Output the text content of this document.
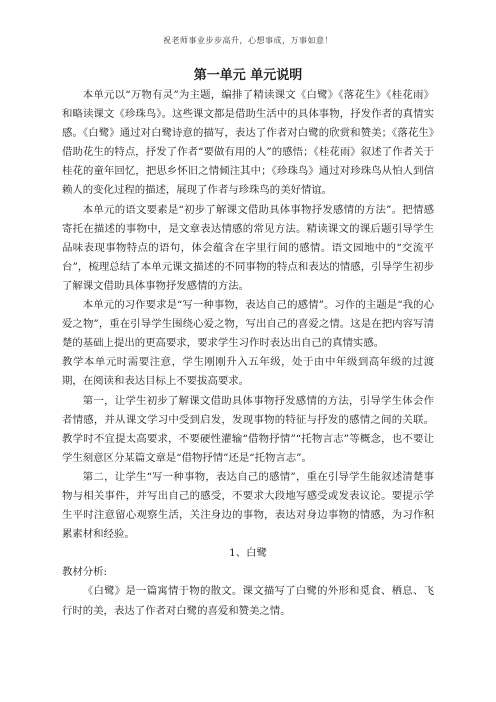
祝老师事业步步高升，心想事成，万事如意！
第一单元 单元说明

本单元以“万物有灵”为主题，编排了精读课文《白鹭》《落花生》《桂花雨》和略读课文《珍珠鸟》。这些课文都是借助生活中的具体事物，抒发作者的真情实感。《白鹭》通过对白鹭诗意的描写，表达了作者对白鹭的欣赏和赞美；《落花生》借助花生的特点，抒发了作者“要做有用的人”的感悟；《桂花雨》叙述了作者关于桂花的童年回忆，把思乡怀旧之情倾注其中；《珍珠鸟》通过对珍珠鸟从怕人到信赖人的变化过程的描述，展现了作者与珍珠鸟的美好情谊。

本单元的语文要素是“初步了解课文借助具体事物抒发感情的方法”。把情感寄托在描述的事物中，是文章表达情感的常见方法。精读课文的课后题引导学生品味表现事物特点的语句，体会蕴含在字里行间的感情。语文园地中的“交流平台”，梳理总结了本单元课文描述的不同事物的特点和表达的情感，引导学生初步了解课文借助具体事物抒发感情的方法。

本单元的习作要求是“写一种事物，表达自己的感情”。习作的主题是“我的心爱之物”，重在引导学生围绕心爱之物，写出自己的喜爱之情。这是在把内容写清楚的基础上提出的更高要求，要求学生习作时表达出自己的真情实感。

教学本单元时需要注意，学生刚刚升入五年级，处于由中年级到高年级的过渡期，在阅读和表达目标上不要拔高要求。

第一，让学生初步了解课文借助具体事物抒发感情的方法，引导学生体会作者情感，并从课文学习中受到启发，发现事物的特征与抒发的感情之间的关联。教学时不宜提太高要求，不要硬性灌输“借物抒情”“托物言志”等概念，也不要让学生刻意区分某篇文章是“借物抒情”还是“托物言志”。

第二，让学生“写一种事物，表达自己的感情”，重在引导学生能叙述清楚事物与相关事件，并写出自己的感受，不要求大段地写感受或发表议论。要提示学生平时注意留心观察生活，关注身边的事物，表达对身边事物的情感，为习作积累素材和经验。

1、白鹭

教材分析:

《白鹭》是一篇寓情于物的散文。课文描写了白鹭的外形和觅食、栖息、飞行时的美，表达了作者对白鹭的喜爱和赞美之情。
